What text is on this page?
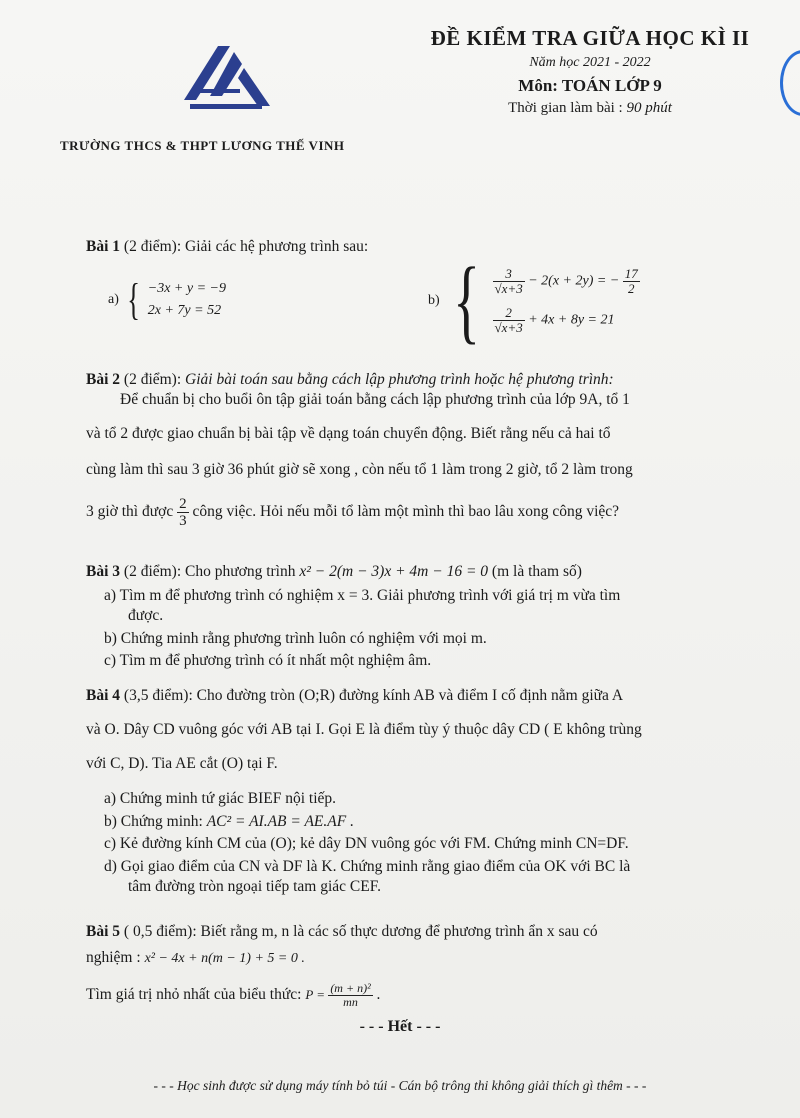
ĐỀ KIỂM TRA GIỮA HỌC KÌ II
Năm học 2021 - 2022
Môn: TOÁN LỚP 9
Thời gian làm bài : 90 phút
TRƯỜNG THCS & THPT LƯƠNG THẾ VINH
Bài 1 (2 điểm): Giải các hệ phương trình sau:
a) { −3x + y = −9
2x + 7y = 52
b) { $\frac{3}{√x+3} - 2(x + 2y)$ = − $\frac{17}{2}$
$\frac{2}{√x+3} + 4x + 8y = 21$
Bài 2 (2 điểm): Giải bài toán sau bằng cách lập phương trình hoặc hệ phương trình:
Để chuẩn bị cho buổi ôn tập giải toán bằng cách lập phương trình của lớp 9A, tổ 1
và tổ 2 được giao chuẩn bị bài tập về dạng toán chuyển động. Biết rằng nếu cả hai tổ
cùng làm thì sau 3 giờ 36 phút giờ sẽ xong , còn nếu tổ 1 làm trong 2 giờ, tổ 2 làm trong
3 giờ thì được $\frac{2}{3}$ công việc. Hỏi nếu mỗi tổ làm một mình thì bao lâu xong công việc?
Bài 3 (2 điểm): Cho phương trình x² − 2(m − 3)x + 4m − 16 = 0 (m là tham số)
a) Tìm m để phương trình có nghiệm x = 3. Giải phương trình với giá trị m vừa tìm
được.
b) Chứng minh rằng phương trình luôn có nghiệm với mọi m.
c) Tìm m để phương trình có ít nhất một nghiệm âm.
Bài 4 (3,5 điểm): Cho đường tròn (O;R) đường kính AB và điểm I cố định nằm giữa A
và O. Dây CD vuông góc với AB tại I. Gọi E là điểm tùy ý thuộc dây CD ( E không trùng
với C, D). Tia AE cắt (O) tại F.
a) Chứng minh tứ giác BIEF nội tiếp.
b) Chứng minh: AC² = AI.AB = AE.AF .
c) Kẻ đường kính CM của (O); kẻ dây DN vuông góc với FM. Chứng minh CN=DF.
d) Gọi giao điểm của CN và DF là K. Chứng minh rằng giao điểm của OK với BC là
tâm đường tròn ngoại tiếp tam giác CEF.
Bài 5 ( 0,5 điểm): Biết rằng m, n là các số thực dương để phương trình ẩn x sau có
nghiệm : x² − 4x + n(m − 1) + 5 = 0 .
Tìm giá trị nhỏ nhất của biểu thức: $P = \frac{\text{(m + n)²}}{mn}$ .
- - - Hết - - -
- - - Học sinh được sử dụng máy tính bỏ túi - Cán bộ trông thi không giải thích gì thêm - - -
